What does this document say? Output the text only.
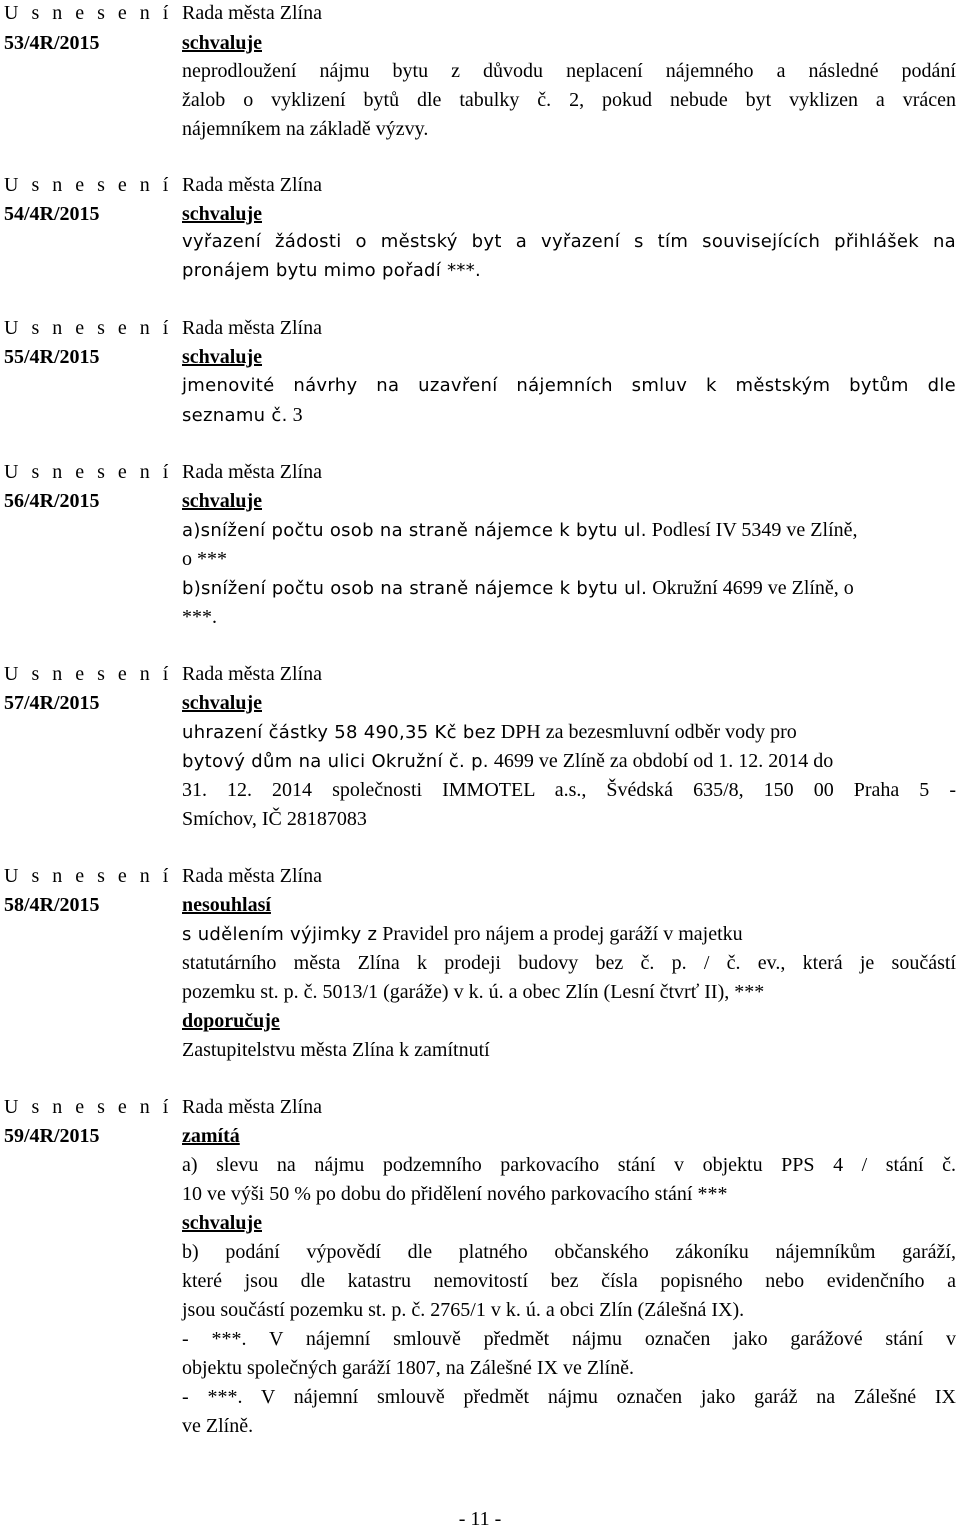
U s n e s e n í
53/4R/2015
Rada města Zlína
schvaluje
neprodloužení nájmu bytu z důvodu neplacení nájemného a následné podání
žalob o vyklizení bytů dle tabulky č. 2, pokud nebude byt vyklizen a vrácen
nájemníkem na základě výzvy.
U s n e s e n í
54/4R/2015
Rada města Zlína
schvaluje
vyřazení žádosti o městský byt a vyřazení s tím souvisejících přihlášek na
pronájem bytu mimo pořadí ***.
U s n e s e n í
55/4R/2015
Rada města Zlína
schvaluje
jmenovité návrhy na uzavření nájemních smluv k městským bytům dle
seznamu č. 3
U s n e s e n í
56/4R/2015
Rada města Zlína
schvaluje
a)snížení počtu osob na straně nájemce k bytu ul. Podlesí IV 5349 ve Zlíně,
o ***
b)snížení počtu osob na straně nájemce k bytu ul. Okružní 4699 ve Zlíně, o
***.
U s n e s e n í
57/4R/2015
Rada města Zlína
schvaluje
uhrazení částky 58 490,35 Kč bez DPH za bezesmluvní odběr vody pro
bytový dům na ulici Okružní č. p. 4699 ve Zlíně za období od 1. 12. 2014 do
31. 12. 2014 společnosti IMMOTEL a.s., Švédská 635/8, 150 00 Praha 5 -
Smíchov, IČ 28187083
U s n e s e n í
58/4R/2015
Rada města Zlína
nesouhlasí
s udělením výjimky z Pravidel pro nájem a prodej garáží v majetku
statutárního města Zlína k prodeji budovy bez č. p. / č. ev., která je součástí
pozemku st. p. č. 5013/1 (garáže) v k. ú. a obec Zlín (Lesní čtvrť II), ***
doporučuje
Zastupitelstvu města Zlína k zamítnutí
U s n e s e n í
59/4R/2015
Rada města Zlína
zamítá
a) slevu na nájmu podzemního parkovacího stání v objektu PPS 4 / stání č.
10 ve výši 50 % po dobu do přidělení nového parkovacího stání ***
schvaluje
b) podání výpovědí dle platného občanského zákoníku nájemníkům garáží,
které jsou dle katastru nemovitostí bez čísla popisného nebo evidenčního a
jsou součástí pozemku st. p. č. 2765/1 v k. ú. a obci Zlín (Zálešná IX).
- ***. V nájemní smlouvě předmět nájmu označen jako garážové stání v
objektu společných garáží 1807, na Zálešné IX ve Zlíně.
- ***. V nájemní smlouvě předmět nájmu označen jako garáž na Zálešné IX
ve Zlíně.
- 11 -
